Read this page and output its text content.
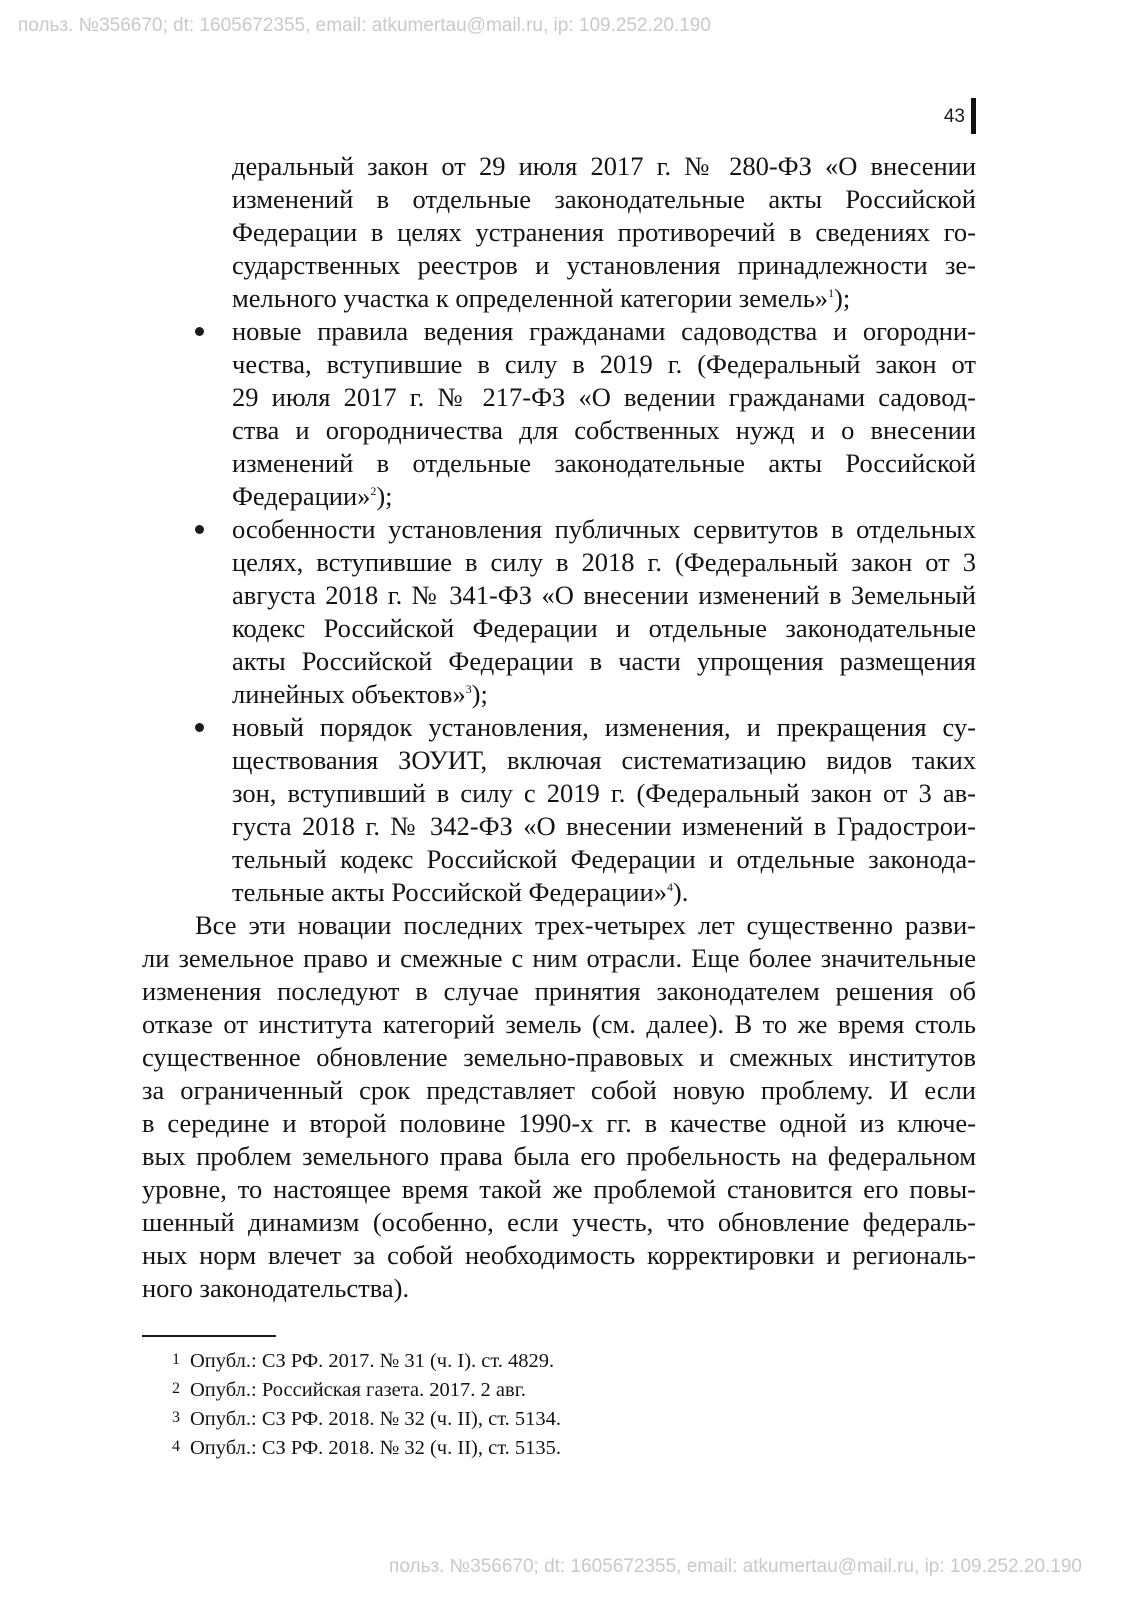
польз. №356670; dt: 1605672355, email: atkumertau@mail.ru, ip: 109.252.20.190
43
деральный закон от 29 июля 2017 г. № 280-ФЗ «О внесении
изменений в отдельные законодательные акты Российской
Федерации в целях устранения противоречий в сведениях го-
сударственных реестров и установления принадлежности зе-
мельного участка к определенной категории земель»$^1$);
новые правила ведения гражданами садоводства и огородни-
чества, вступившие в силу в 2019 г. (Федеральный закон от
29 июля 2017 г. № 217-ФЗ «О ведении гражданами садовод-
ства и огородничества для собственных нужд и о внесении
изменений в отдельные законодательные акты Российской
Федерации»$^2$);
особенности установления публичных сервитутов в отдельных
целях, вступившие в силу в 2018 г. (Федеральный закон от 3
августа 2018 г. № 341-ФЗ «О внесении изменений в Земельный
кодекс Российской Федерации и отдельные законодательные
акты Российской Федерации в части упрощения размещения
линейных объектов»$^3$);
новый порядок установления, изменения, и прекращения су-
ществования ЗОУИТ, включая систематизацию видов таких
зон, вступивший в силу с 2019 г. (Федеральный закон от 3 ав-
густа 2018 г. № 342-ФЗ «О внесении изменений в Градострои-
тельный кодекс Российской Федерации и отдельные законода-
тельные акты Российской Федерации»$^4$).
Все эти новации последних трех-четырех лет существенно разви-
ли земельное право и смежные с ним отрасли. Еще более значительные
изменения последуют в случае принятия законодателем решения об
отказе от института категорий земель (см. далее). В то же время столь
существенное обновление земельно-правовых и смежных институтов
за ограниченный срок представляет собой новую проблему. И если
в середине и второй половине 1990-х гг. в качестве одной из ключе-
вых проблем земельного права была его пробельность на федеральном
уровне, то настоящее время такой же проблемой становится его повы-
шенный динамизм (особенно, если учесть, что обновление федераль-
ных норм влечет за собой необходимость корректировки и региональ-
ного законодательства).
1 Опубл.: СЗ РФ. 2017. № 31 (ч. I). ст. 4829.
2 Опубл.: Российская газета. 2017. 2 авг.
3 Опубл.: СЗ РФ. 2018. № 32 (ч. II), ст. 5134.
4 Опубл.: СЗ РФ. 2018. № 32 (ч. II), ст. 5135.
польз. №356670; dt: 1605672355, email: atkumertau@mail.ru, ip: 109.252.20.190
